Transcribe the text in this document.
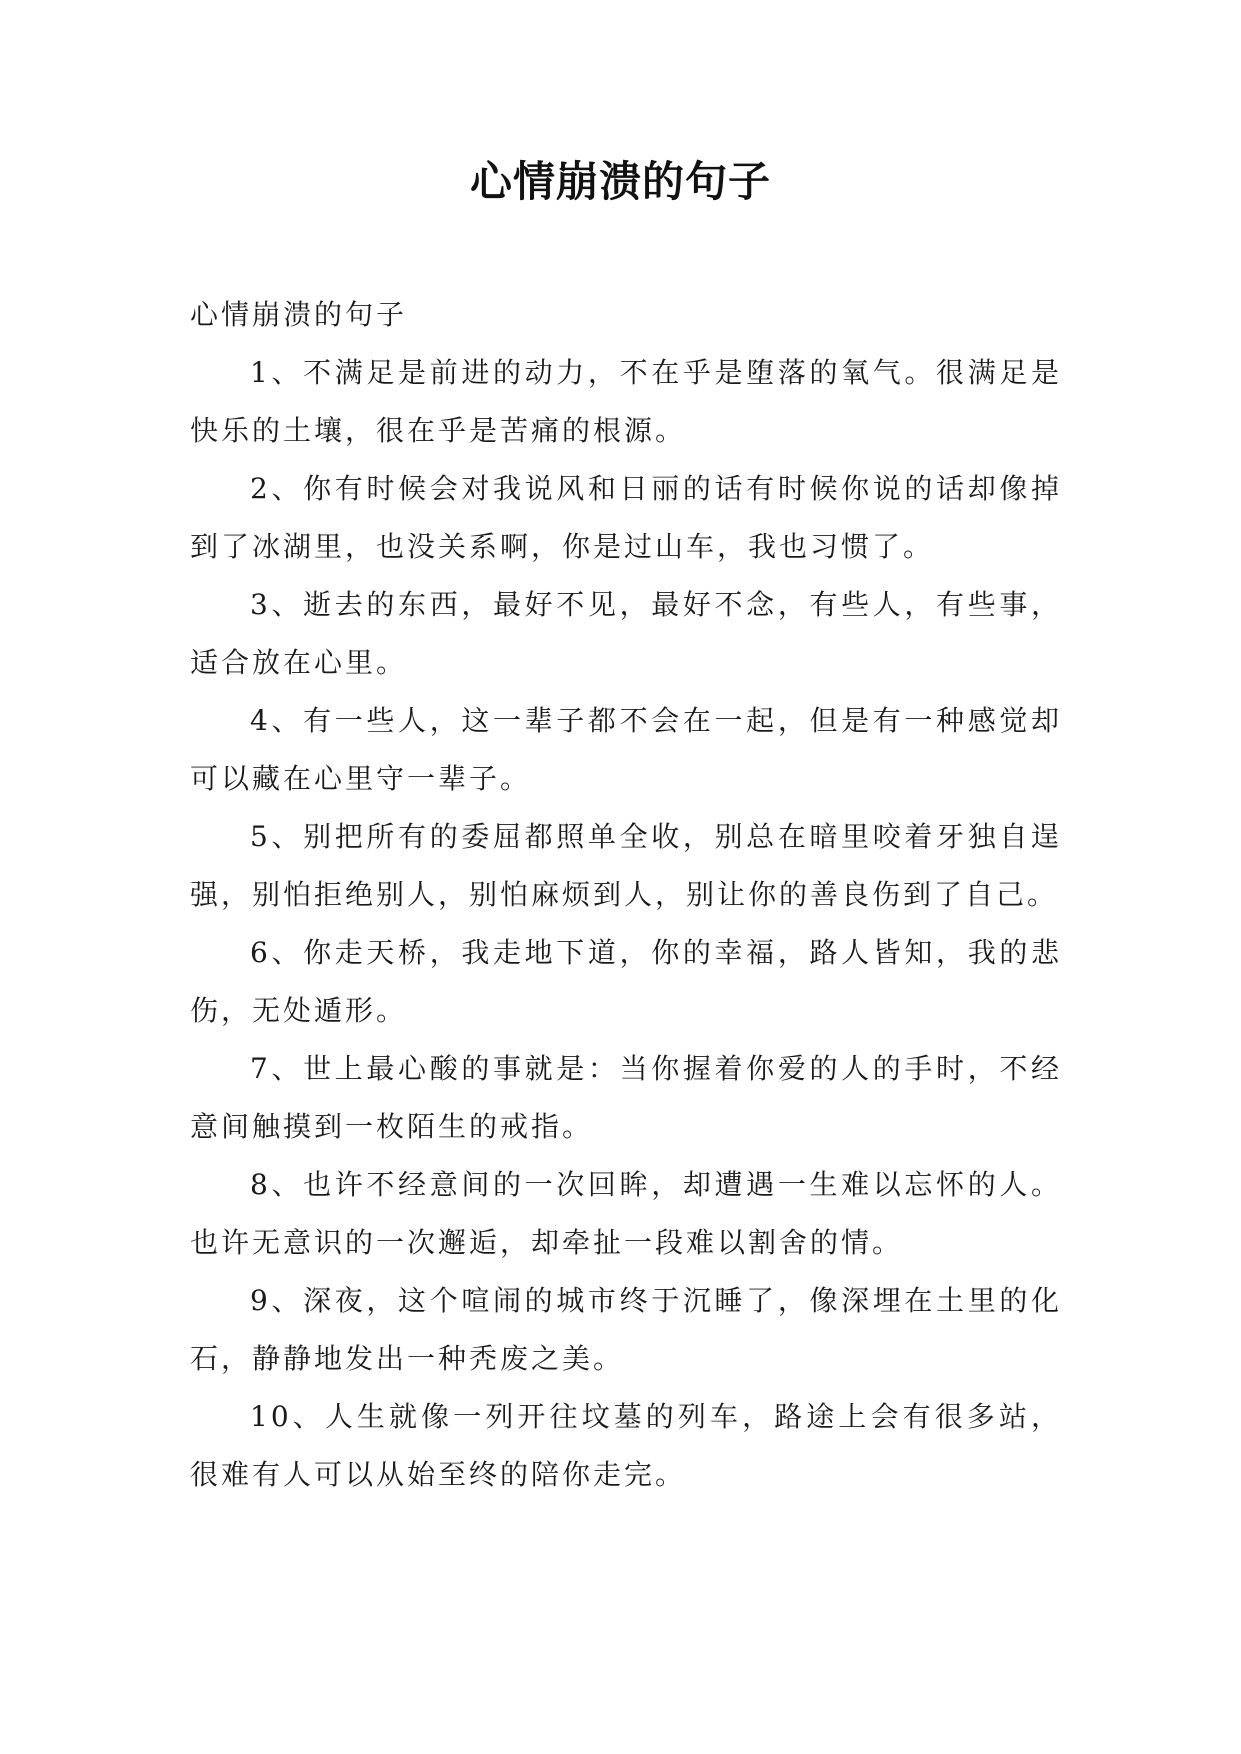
心情崩溃的句子

心情崩溃的句子

1、不满足是前进的动力，不在乎是堕落的氧气。很满足是快乐的土壤，很在乎是苦痛的根源。

2、你有时候会对我说风和日丽的话有时候你说的话却像掉到了冰湖里，也没关系啊，你是过山车，我也习惯了。

3、逝去的东西，最好不见，最好不念，有些人，有些事，适合放在心里。

4、有一些人，这一辈子都不会在一起，但是有一种感觉却可以藏在心里守一辈子。

5、别把所有的委屈都照单全收，别总在暗里咬着牙独自逞强，别怕拒绝别人，别怕麻烦到人，别让你的善良伤到了自己。

6、你走天桥，我走地下道，你的幸福，路人皆知，我的悲伤，无处遁形。

7、世上最心酸的事就是：当你握着你爱的人的手时，不经意间触摸到一枚陌生的戒指。

8、也许不经意间的一次回眸，却遭遇一生难以忘怀的人。也许无意识的一次邂逅，却牵扯一段难以割舍的情。

9、深夜，这个喧闹的城市终于沉睡了，像深埋在土里的化石，静静地发出一种秃废之美。

10、人生就像一列开往坟墓的列车，路途上会有很多站，很难有人可以从始至终的陪你走完。
